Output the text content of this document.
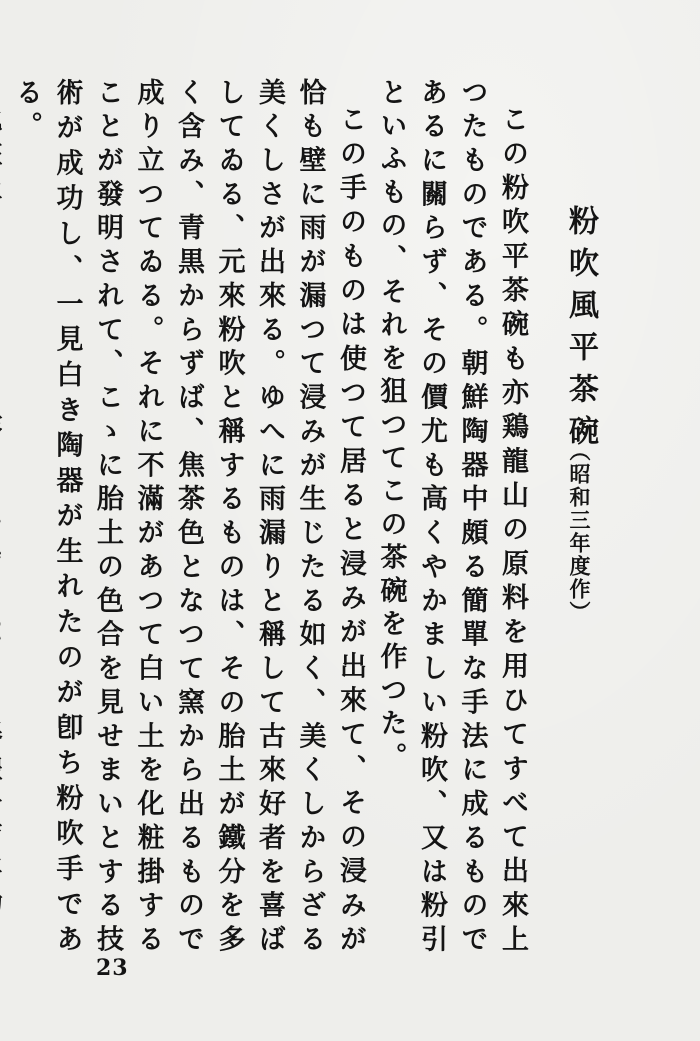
粉吹風平茶碗
（昭和三年度作）

この粉吹平茶碗も亦鶏龍山の原料を用ひてすべて出來上つたものである。朝鮮陶器中頗る簡單な手法に成るものであるに關らず、その價尤も高くやかましい粉吹、又は粉引といふもの、それを狙つてこの茶碗を作つた。

この手のものは使つて居ると浸みが出來て、その浸みが恰も壁に雨が漏つて浸みが生じたる如く、美くしからざる美くしさが出來る。ゆへに雨漏りと稱して古來好者を喜ばしてゐる、元來粉吹と稱するものは、その胎土が鐵分を多く含み、青黒からずば、焦茶色となつて窯から出るもので成り立つてゐる。それに不滿があつて白い土を化粧掛することが發明されて、こゝに胎土の色合を見せまいとする技術が成功し、一見白き陶器が生れたのが卽ち粉吹手である。

23
